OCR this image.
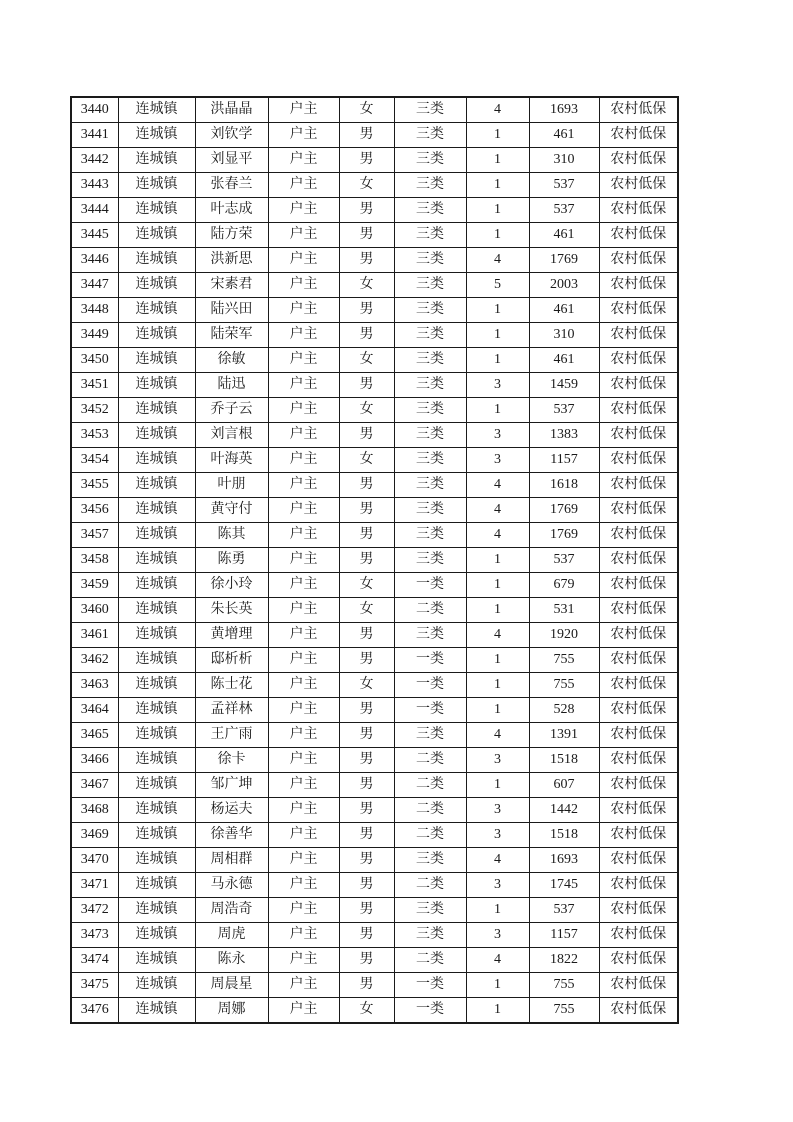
3440	连城镇	洪晶晶	户主	女	三类	4	1693	农村低保
3441	连城镇	刘钦学	户主	男	三类	1	461	农村低保
3442	连城镇	刘显平	户主	男	三类	1	310	农村低保
3443	连城镇	张春兰	户主	女	三类	1	537	农村低保
3444	连城镇	叶志成	户主	男	三类	1	537	农村低保
3445	连城镇	陆方荣	户主	男	三类	1	461	农村低保
3446	连城镇	洪新思	户主	男	三类	4	1769	农村低保
3447	连城镇	宋素君	户主	女	三类	5	2003	农村低保
3448	连城镇	陆兴田	户主	男	三类	1	461	农村低保
3449	连城镇	陆荣军	户主	男	三类	1	310	农村低保
3450	连城镇	徐敏	户主	女	三类	1	461	农村低保
3451	连城镇	陆迅	户主	男	三类	3	1459	农村低保
3452	连城镇	乔子云	户主	女	三类	1	537	农村低保
3453	连城镇	刘言根	户主	男	三类	3	1383	农村低保
3454	连城镇	叶海英	户主	女	三类	3	1157	农村低保
3455	连城镇	叶朋	户主	男	三类	4	1618	农村低保
3456	连城镇	黄守付	户主	男	三类	4	1769	农村低保
3457	连城镇	陈其	户主	男	三类	4	1769	农村低保
3458	连城镇	陈勇	户主	男	三类	1	537	农村低保
3459	连城镇	徐小玲	户主	女	一类	1	679	农村低保
3460	连城镇	朱长英	户主	女	二类	1	531	农村低保
3461	连城镇	黄增理	户主	男	三类	4	1920	农村低保
3462	连城镇	邸析析	户主	男	一类	1	755	农村低保
3463	连城镇	陈士花	户主	女	一类	1	755	农村低保
3464	连城镇	孟祥林	户主	男	一类	1	528	农村低保
3465	连城镇	王广雨	户主	男	三类	4	1391	农村低保
3466	连城镇	徐卡	户主	男	二类	3	1518	农村低保
3467	连城镇	邹广坤	户主	男	二类	1	607	农村低保
3468	连城镇	杨运夫	户主	男	二类	3	1442	农村低保
3469	连城镇	徐善华	户主	男	二类	3	1518	农村低保
3470	连城镇	周相群	户主	男	三类	4	1693	农村低保
3471	连城镇	马永德	户主	男	二类	3	1745	农村低保
3472	连城镇	周浩奇	户主	男	三类	1	537	农村低保
3473	连城镇	周虎	户主	男	三类	3	1157	农村低保
3474	连城镇	陈永	户主	男	二类	4	1822	农村低保
3475	连城镇	周晨星	户主	男	一类	1	755	农村低保
3476	连城镇	周娜	户主	女	一类	1	755	农村低保
